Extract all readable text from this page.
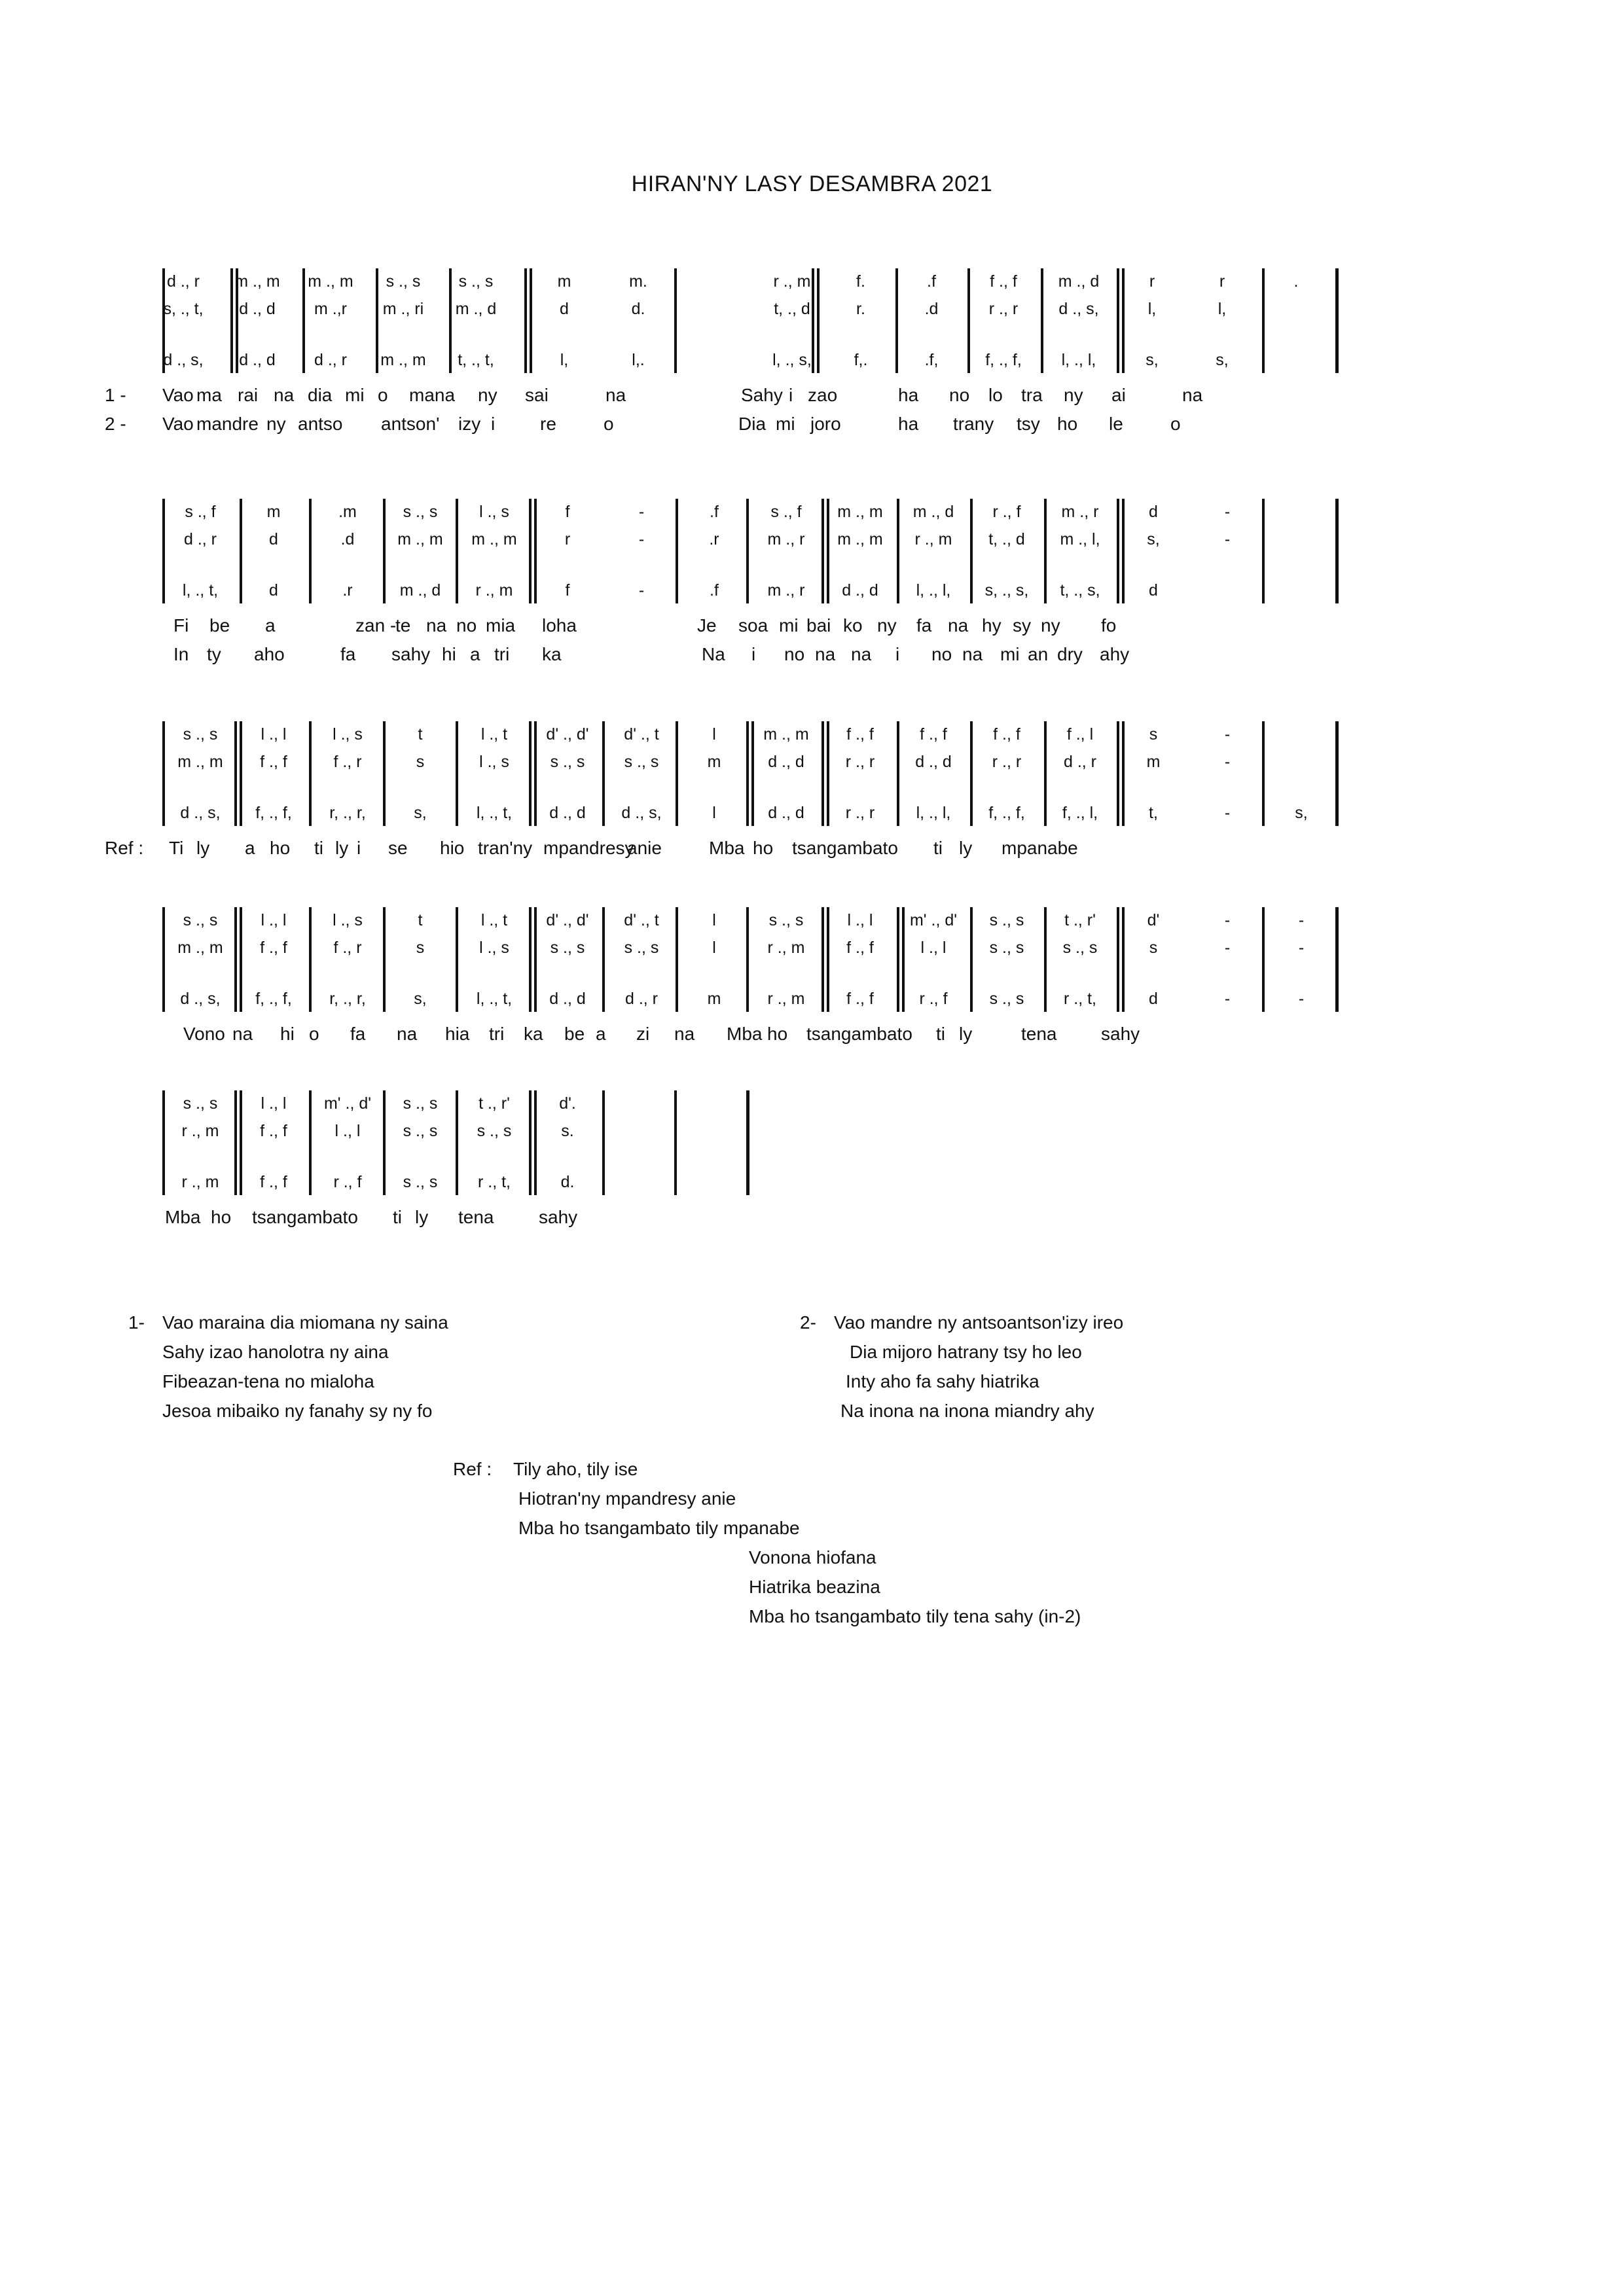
HIRAN'NY LASY DESAMBRA 2021
d ., r	m ., m	m ., m	s ., s	s ., s	m	m.	r ., m	f.	.f	f ., f	m ., d	r	r	.
s, ., t,	d ., d	m .,r	m ., ri	m ., d	d	d.	t, ., d	r.	.d	r ., r	d ., s,	l,	l,
d ., s,	d ., d	d ., r	m ., m	t, ., t,	l,	l,.	l, ., s,	f,.	.f,	f, ., f,	l, ., l,	s,	s,
1 - Vao ma rai na dia mi o mana ny sai	na	Sahy i zao	ha no lo tra ny ai	na
2 - Vao mandre ny antso antson' izy i re	o	Dia mi joro	ha trany tsy ho le	o
s ., f	m	.m	s ., s	l ., s	f	-	.f	s ., f	m ., m	m ., d	r ., f	m ., r	d	-
d ., r	d	.d	m ., m	m ., m	r	-	.r	m ., r	m ., m	r ., m	t, ., d	m ., l,	s,	-
l, ., t,	d	.r	m ., d	r ., m	f	-	.f	m ., r	d ., d	l, ., l,	s, ., s,	t, ., s,	d
Fi be a	zan -
te na no mia loha	Je soa mi bai ko ny fa na hy sy ny fo
In ty aho	fa sahy hi a tri ka	Na i no na na i no na mi an dry ahy
s ., s	l ., l	l ., s	t	l ., t	d' ., d'	d' ., t	l	m ., m	f ., f	f ., f	f ., f	f ., l	s	-
m ., m	f ., f	f ., r	s	l ., s	s ., s	s ., s	m	d ., d	r ., r	d ., d	r ., r	d ., r	m	-
d ., s,	f, ., f,	r, ., r,	s,	l, ., t,	d ., d	d ., s,	l	d ., d	r ., r	l, ., l,	f, ., f,	f, ., l,	t,	-	s,
Ref : Ti ly a ho ti ly i se hio tran'ny mpandresy
anie	Mba ho tsangambato ti ly mpanabe
s ., s	l ., l	l ., s	t	l ., t	d' ., d'	d' ., t	l	s ., s	l ., l	m' ., d'	s ., s	t ., r'	d'	-	-
m ., m	f ., f	f ., r	s	l ., s	s ., s	s ., s	l	r ., m	f ., f	l ., l	s ., s	s ., s	s	-	-
d ., s,	f, ., f,	r, ., r,	s,	l, ., t,	d ., d	d ., r	m	r ., m	f ., f	r ., f	s ., s	r ., t,	d	-	-
Vono na hi o fa na hia tri ka be a zi na Mba ho tsangambato ti ly	tena sahy
s ., s	l ., l	m' ., d'	s ., s	t ., r'	d'.
r ., m	f ., f	l ., l	s ., s	s ., s	s.
r ., m	f ., f	r ., f	s ., s	r ., t,	d.
Mba ho tsangambato ti ly tena sahy
1- Vao maraina dia miomana ny saina
Sahy izao hanolotra ny aina
Fibeazan-tena no mialoha
Jesoa mibaiko ny fanahy sy ny fo
2- Vao mandre ny antsoantson'izy ireo
Dia mijoro hatrany tsy ho leo
Inty aho fa sahy hiatrika
Na inona na inona miandry ahy
Ref : Tily aho, tily ise
Hiotran'ny mpandresy anie
Mba ho tsangambato tily mpanabe
Vonona hiofana
Hiatrika beazina
Mba ho tsangambato tily tena sahy (in-2)
